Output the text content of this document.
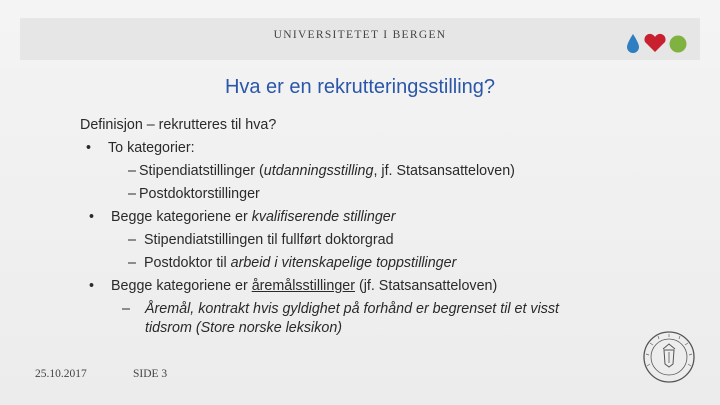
UNIVERSITETET I BERGEN
Hva er en rekrutteringsstilling?
Definisjon – rekrutteres til hva?
• To kategorier:
– Stipendiatstillinger (utdanningsstilling, jf. Statsansatteloven)
– Postdoktorstillinger
• Begge kategoriene er kvalifiserende stillinger
– Stipendiatstillingen til fullført doktorgrad
– Postdoktor til arbeid i vitenskapelige toppstillinger
• Begge kategoriene er åremålsstillinger (jf. Statsansatteloven)
– Åremål, kontrakt hvis gyldighet på forhånd er begrenset til et visst
tidsrom (Store norske leksikon)
25.10.2017	SIDE 3
